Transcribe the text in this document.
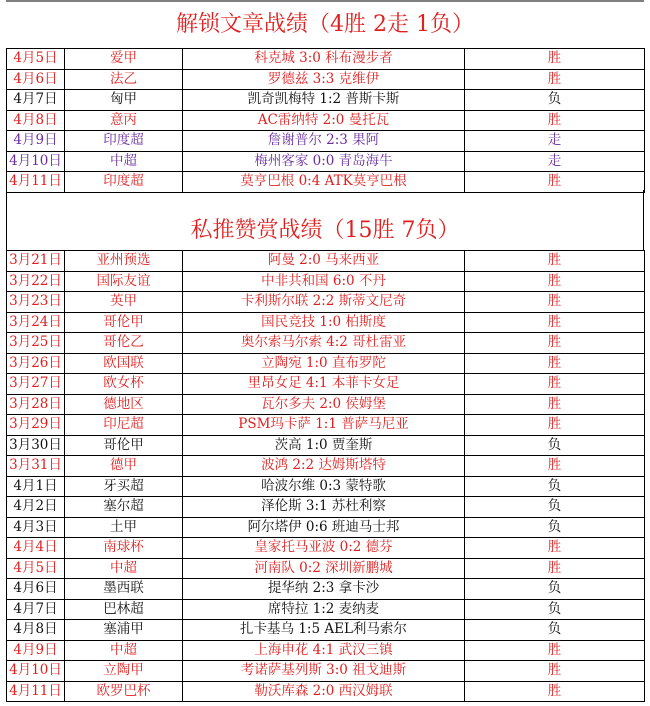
解锁文章战绩（4胜 2走 1负）
4月5日	爱甲	科克城 3:0 科布漫步者	胜
4月6日	法乙	罗德兹 3:3 克维伊	胜
4月7日	匈甲	凯奇凯梅特 1:2 普斯卡斯	负
4月8日	意丙	AC雷纳特 2:0 曼托瓦	胜
4月9日	印度超	詹谢普尔 2:3 果阿	走
4月10日	中超	梅州客家 0:0 青岛海牛	走
4月11日	印度超	莫亨巴根 0:4 ATK莫亨巴根	胜
私推赞赏战绩（15胜 7负）
3月21日	亚州预选	阿曼 2:0 马来西亚	胜
3月22日	国际友谊	中非共和国 6:0 不丹	胜
3月23日	英甲	卡利斯尔联 2:2 斯蒂文尼奇	胜
3月24日	哥伦甲	国民竞技 1:0 柏斯度	胜
3月25日	哥伦乙	奥尔索马尔索 4:2 哥杜雷亚	胜
3月26日	欧国联	立陶宛 1:0 直布罗陀	胜
3月27日	欧女杯	里昂女足 4:1 本菲卡女足	胜
3月28日	德地区	瓦尔多夫 2:0 侯姆堡	胜
3月29日	印尼超	PSM玛卡萨 1:1 普萨马尼亚	胜
3月30日	哥伦甲	茨高 1:0 贾奎斯	负
3月31日	德甲	波鸿 2:2 达姆斯塔特	胜
4月1日	牙买超	哈波尔维 0:3 蒙特歌	负
4月2日	塞尔超	泽伦斯 3:1 苏杜利察	负
4月3日	土甲	阿尔塔伊 0:6 班迪马士邦	负
4月4日	南球杯	皇家托马亚波 0:2 德芬	胜
4月5日	中超	河南队 0:2 深圳新鹏城	胜
4月6日	墨西联	提华纳 2:3 拿卡沙	负
4月7日	巴林超	席特拉 1:2 麦纳麦	负
4月8日	塞浦甲	扎卡基乌 1:5 AEL利马索尔	负
4月9日	中超	上海申花 4:1 武汉三镇	胜
4月10日	立陶甲	考诺萨基列斯 3:0 祖戈迪斯	胜
4月11日	欧罗巴杯	勒沃库森 2:0 西汉姆联	胜
